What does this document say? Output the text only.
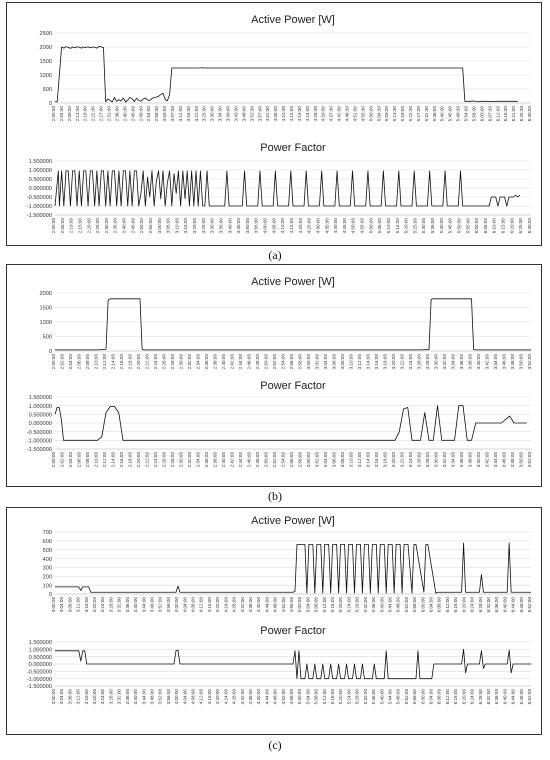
Active Power [W]
0
500
1000
1500
2000
2500
2:00:00 2:04:30 2:09:00 2:13:30 2:18:00 2:22:30 2:27:00 2:31:30 2:36:00 2:40:30 2:45:00 2:49:30 2:54:00 2:58:30 3:03:00 3:07:30 3:12:00 3:16:30 3:21:00 3:25:30 3:30:00 3:34:30 3:39:00 3:43:30 3:48:00 3:52:30 3:57:00 4:01:30 4:06:00 4:10:30 4:15:00 4:19:30 4:24:00 4:28:30 4:33:00 4:37:30 4:42:00 4:46:30 4:51:00 4:55:30 5:00:00 5:04:30 5:09:00 5:13:30 5:18:00 5:22:30 5:27:00 5:31:30 5:36:00 5:40:30 5:45:00 5:49:30 5:54:00 5:58:30 6:03:00 6:07:30 6:12:00 6:16:30 6:21:00 6:25:30 6:30:00
Power Factor
1.500000
1.000000
0.500000
0.000000
-0.500000
-1.000000
-1.500000
2:00:00 2:05:00 2:10:00 2:15:00 2:20:00 2:25:00 2:30:00 2:35:00 2:40:00 2:45:00 2:50:00 2:55:00 3:00:00 3:05:00 3:10:00 3:15:00 3:20:00 3:25:00 3:30:00 3:35:00 3:40:00 3:45:00 3:50:00 3:55:00 4:00:00 4:05:00 4:10:00 4:15:00 4:20:00 4:25:00 4:30:00 4:35:00 4:40:00 4:45:00 4:50:00 4:55:00 5:00:00 5:05:00 5:10:00 5:15:00 5:20:00 5:25:00 5:30:00 5:35:00 5:40:00 5:45:00 5:50:00 5:55:00 6:00:00 6:05:00 6:10:00 6:15:00 6:20:00 6:25:00 6:30:00
(a)
Active Power [W]
0
500
1000
1500
2000
2:00:00 2:02:00 2:04:00 2:06:00 2:08:00 2:10:00 2:12:00 2:14:00 2:16:00 2:18:00 2:20:00 2:22:00 2:24:00 2:26:00 2:28:00 2:30:00 2:32:00 2:34:00 2:36:00 2:38:00 2:40:00 2:42:00 2:44:00 2:46:00 2:48:00 2:50:00 2:52:00 2:54:00 2:56:00 2:58:00 3:00:00 3:02:00 3:04:00 3:06:00 3:08:00 3:10:00 3:12:00 3:14:00 3:16:00 3:18:00 3:20:00 3:22:00 3:24:00 3:26:00 3:28:00 3:30:00 3:32:00 3:34:00 3:36:00 3:38:00 3:40:00 3:42:00 3:44:00 3:46:00 3:48:00 3:50:00 3:52:00
Power Factor
1.500000
1.000000
0.500000
0.000000
-0.500000
-1.000000
-1.500000
2:00:00 2:02:00 2:04:00 2:06:00 2:08:00 2:10:00 2:12:00 2:14:00 2:16:00 2:18:00 2:20:00 2:22:00 2:24:00 2:26:00 2:28:00 2:30:00 2:32:00 2:34:00 2:36:00 2:38:00 2:40:00 2:42:00 2:44:00 2:46:00 2:48:00 2:50:00 2:52:00 2:54:00 2:56:00 2:58:00 3:00:00 3:02:00 3:04:00 3:06:00 3:08:00 3:10:00 3:12:00 3:14:00 3:16:00 3:18:00 3:20:00 3:22:00 3:24:00 3:26:00 3:28:00 3:30:00 3:32:00 3:34:00 3:36:00 3:38:00 3:40:00 3:42:00 3:44:00 3:46:00 3:48:00 3:50:00 3:52:00
(b)
Active Power [W]
0
100
200
300
400
500
600
700
3:00:00 3:04:00 3:08:00 3:12:00 3:16:00 3:20:00 3:24:00 3:28:00 3:32:00 3:36:00 3:40:00 3:44:00 3:48:00 3:52:00 3:56:00 4:00:00 4:04:00 4:08:00 4:12:00 4:16:00 4:20:00 4:24:00 4:28:00 4:32:00 4:36:00 4:40:00 4:44:00 4:48:00 4:52:00 4:56:00 5:00:00 5:04:00 5:08:00 5:12:00 5:16:00 5:20:00 5:24:00 5:28:00 5:32:00 5:36:00 5:40:00 5:44:00 5:48:00 5:52:00 5:56:00 6:00:00 6:04:00 6:08:00 6:12:00 6:16:00 6:20:00 6:24:00 6:28:00 6:32:00 6:36:00 6:40:00 6:44:00 6:48:00 6:52:00
Power Factor
1.500000
1.000000
0.500000
0.000000
-0.500000
-1.000000
-1.500000
3:00:00 3:04:00 3:08:00 3:12:00 3:16:00 3:20:00 3:24:00 3:28:00 3:32:00 3:36:00 3:40:00 3:44:00 3:48:00 3:52:00 3:56:00 4:00:00 4:04:00 4:08:00 4:12:00 4:16:00 4:20:00 4:24:00 4:28:00 4:32:00 4:36:00 4:40:00 4:44:00 4:48:00 4:52:00 4:56:00 5:00:00 5:04:00 5:08:00 5:12:00 5:16:00 5:20:00 5:24:00 5:28:00 5:32:00 5:36:00 5:40:00 5:44:00 5:48:00 5:52:00 5:56:00 6:00:00 6:04:00 6:08:00 6:12:00 6:16:00 6:20:00 6:24:00 6:28:00 6:32:00 6:36:00 6:40:00 6:44:00 6:48:00 6:52:00
(c)
